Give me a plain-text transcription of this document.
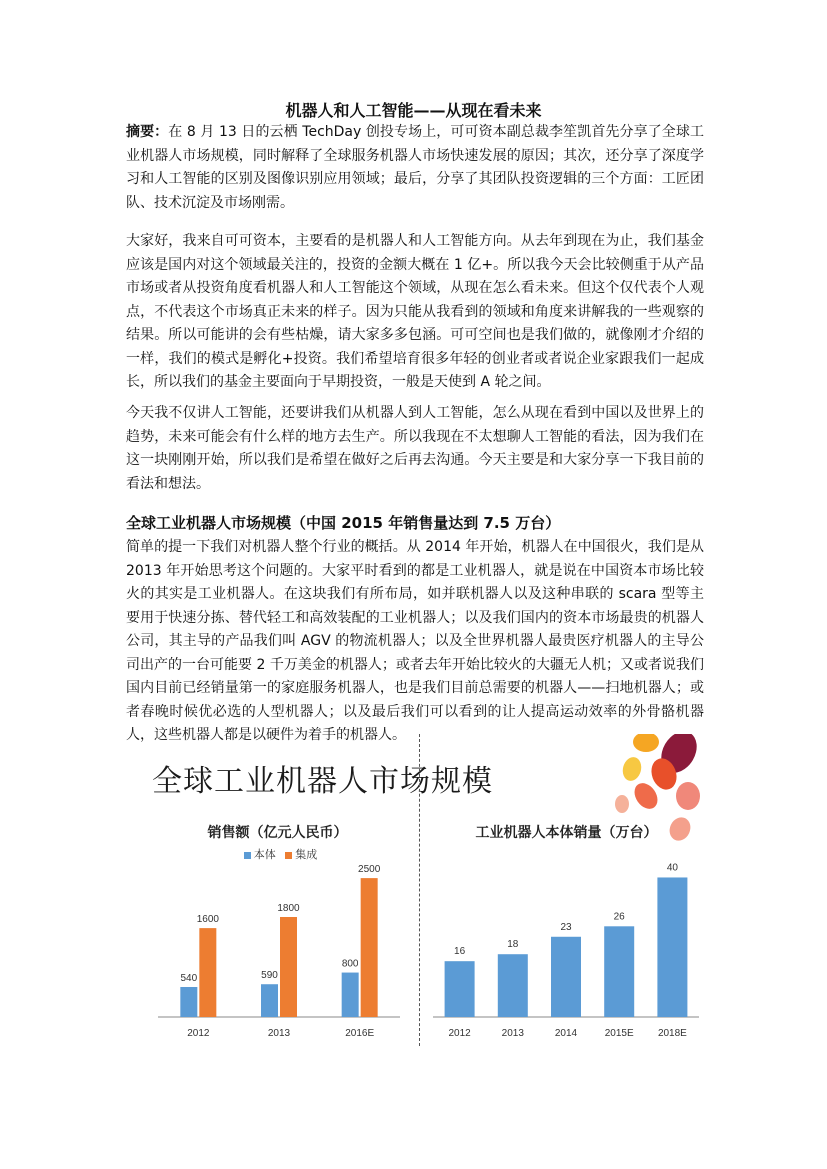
机器人和人工智能——从现在看未来
摘要：在 8 月 13 日的云栖 TechDay 创投专场上，可可资本副总裁李笙凯首先分享了全球工业机器人市场规模，同时解释了全球服务机器人市场快速发展的原因；其次，还分享了深度学习和人工智能的区别及图像识别应用领域；最后，分享了其团队投资逻辑的三个方面：工匠团队、技术沉淀及市场刚需。
大家好，我来自可可资本，主要看的是机器人和人工智能方向。从去年到现在为止，我们基金应该是国内对这个领域最关注的，投资的金额大概在 1 亿+。所以我今天会比较侧重于从产品市场或者从投资角度看机器人和人工智能这个领域，从现在怎么看未来。但这个仅代表个人观点，不代表这个市场真正未来的样子。因为只能从我看到的领域和角度来讲解我的一些观察的结果。所以可能讲的会有些枯燥，请大家多多包涵。可可空间也是我们做的，就像刚才介绍的一样，我们的模式是孵化+投资。我们希望培育很多年轻的创业者或者说企业家跟我们一起成长，所以我们的基金主要面向于早期投资，一般是天使到 A 轮之间。
今天我不仅讲人工智能，还要讲我们从机器人到人工智能，怎么从现在看到中国以及世界上的趋势，未来可能会有什么样的地方去生产。所以我现在不太想聊人工智能的看法，因为我们在这一块刚刚开始，所以我们是希望在做好之后再去沟通。今天主要是和大家分享一下我目前的看法和想法。
全球工业机器人市场规模（中国 2015 年销售量达到 7.5 万台）
简单的提一下我们对机器人整个行业的概括。从 2014 年开始，机器人在中国很火，我们是从 2013 年开始思考这个问题的。大家平时看到的都是工业机器人，就是说在中国资本市场比较火的其实是工业机器人。在这块我们有所布局，如并联机器人以及这种串联的 scara 型等主要用于快速分拣、替代轻工和高效装配的工业机器人；以及我们国内的资本市场最贵的机器人公司，其主导的产品我们叫 AGV 的物流机器人；以及全世界机器人最贵医疗机器人的主导公司出产的一台可能要 2 千万美金的机器人；或者去年开始比较火的大疆无人机；又或者说我们国内目前已经销量第一的家庭服务机器人，也是我们目前总需要的机器人——扫地机器人；或者春晚时候优必选的人型机器人；以及最后我们可以看到的让人提高运动效率的外骨骼机器人，这些机器人都是以硬件为着手的机器人。
全球工业机器人市场规模
销售额（亿元人民币）
本体 集成
540
1600
2012
590
1800
2013
800
2500
2016E
工业机器人本体销量（万台）
16
2012
18
2013
23
2014
26
2015E
40
2018E
